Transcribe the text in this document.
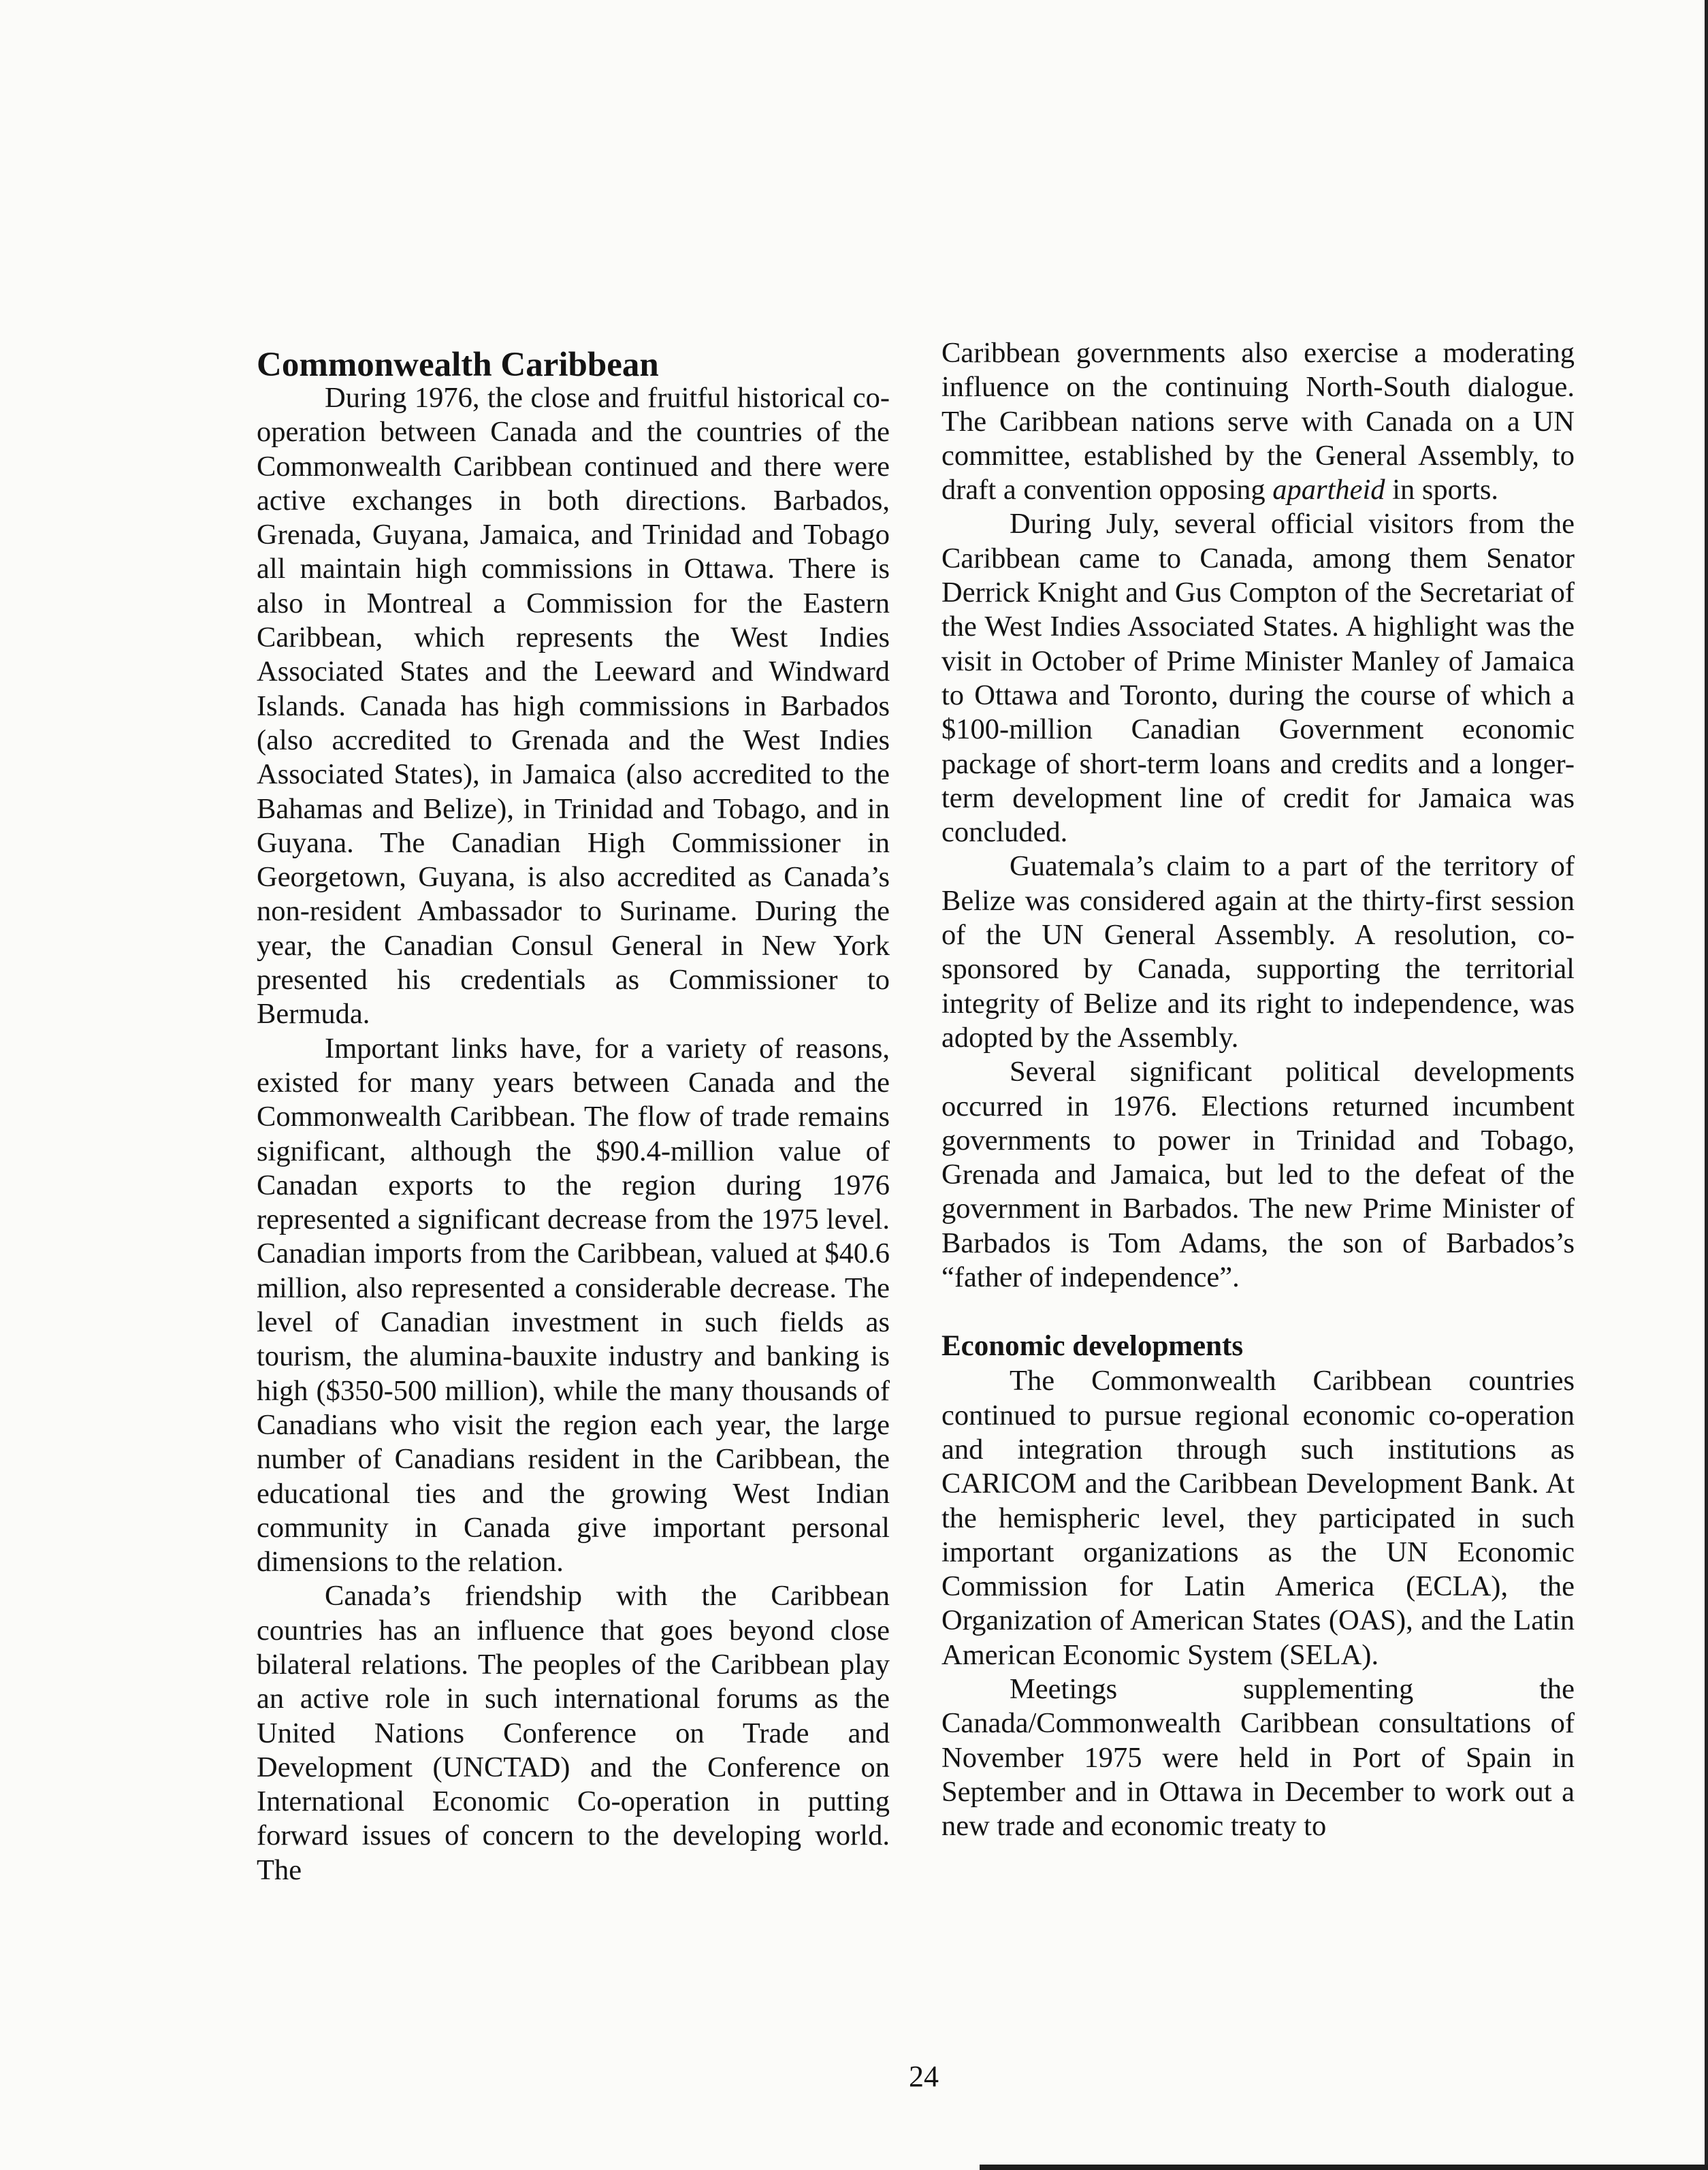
Commonwealth Caribbean

During 1976, the close and fruitful historical co-operation between Canada and the countries of the Commonwealth Caribbean continued and there were active exchanges in both directions. Barbados, Grenada, Guyana, Jamaica, and Trinidad and Tobago all maintain high commissions in Ottawa. There is also in Montreal a Commission for the Eastern Caribbean, which represents the West Indies Associated States and the Leeward and Windward Islands. Canada has high commissions in Barbados (also accredited to Grenada and the West Indies Associated States), in Jamaica (also accredited to the Bahamas and Belize), in Trinidad and Tobago, and in Guyana. The Canadian High Commissioner in Georgetown, Guyana, is also accredited as Canada’s non-resident Ambassador to Suriname. During the year, the Canadian Consul General in New York presented his credentials as Commissioner to Bermuda.

Important links have, for a variety of reasons, existed for many years between Canada and the Commonwealth Caribbean. The flow of trade remains significant, although the $90.4-million value of Canadan exports to the region during 1976 represented a significant decrease from the 1975 level. Canadian imports from the Caribbean, valued at $40.6 million, also represented a considerable decrease. The level of Canadian investment in such fields as tourism, the alumina-bauxite industry and banking is high ($350-500 million), while the many thousands of Canadians who visit the region each year, the large number of Canadians resident in the Caribbean, the educational ties and the growing West Indian community in Canada give important personal dimensions to the relation.

Canada’s friendship with the Caribbean countries has an influence that goes beyond close bilateral relations. The peoples of the Caribbean play an active role in such international forums as the United Nations Conference on Trade and Development (UNCTAD) and the Conference on International Economic Co-operation in putting forward issues of concern to the developing world. The

Caribbean governments also exercise a moderating influence on the continuing North-South dialogue. The Caribbean nations serve with Canada on a UN committee, established by the General Assembly, to draft a convention opposing apartheid in sports.

During July, several official visitors from the Caribbean came to Canada, among them Senator Derrick Knight and Gus Compton of the Secretariat of the West Indies Associated States. A highlight was the visit in October of Prime Minister Manley of Jamaica to Ottawa and Toronto, during the course of which a $100-million Canadian Government economic package of short-term loans and credits and a longer-term development line of credit for Jamaica was concluded.

Guatemala’s claim to a part of the territory of Belize was considered again at the thirty-first session of the UN General Assembly. A resolution, co-sponsored by Canada, supporting the territorial integrity of Belize and its right to independence, was adopted by the Assembly.

Several significant political developments occurred in 1976. Elections returned incumbent governments to power in Trinidad and Tobago, Grenada and Jamaica, but led to the defeat of the government in Barbados. The new Prime Minister of Barbados is Tom Adams, the son of Barbados’s “father of independence”.

Economic developments

The Commonwealth Caribbean countries continued to pursue regional economic co-operation and integration through such institutions as CARICOM and the Caribbean Development Bank. At the hemispheric level, they participated in such important organizations as the UN Economic Commission for Latin America (ECLA), the Organization of American States (OAS), and the Latin American Economic System (SELA).

Meetings supplementing the Canada/Commonwealth Caribbean consultations of November 1975 were held in Port of Spain in September and in Ottawa in December to work out a new trade and economic treaty to

24
